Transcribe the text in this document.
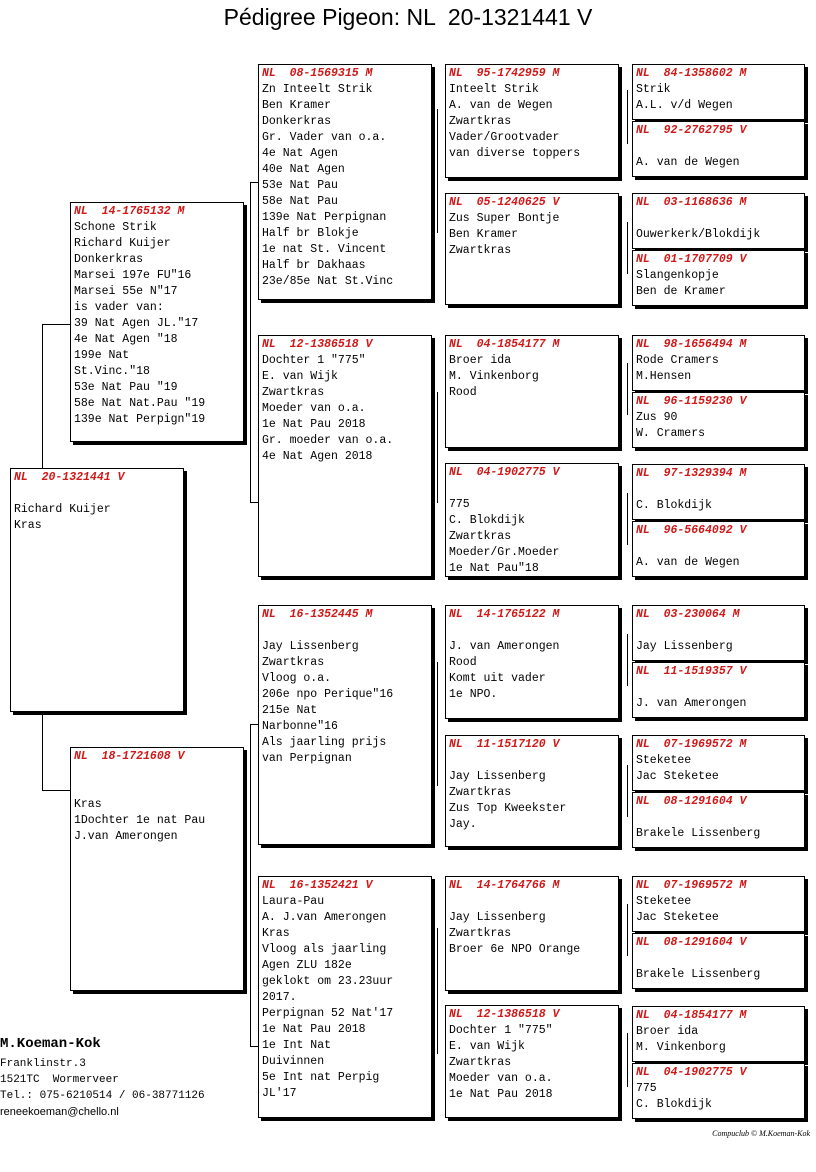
Pédigree Pigeon: NL  20-1321441 V
NL  20-1321441 V
Richard Kuijer
Kras
NL  14-1765132 M
Schone Strik
Richard Kuijer
Donkerkras
Marsei 197e FU"16
Marsei 55e N"17
is vader van:
39 Nat Agen JL."17
4e Nat Agen "18
199e Nat
St.Vinc."18
53e Nat Pau "19
58e Nat Nat.Pau "19
139e Nat Perpign"19
NL  18-1721608 V
Kras
1Dochter 1e nat Pau
J.van Amerongen
NL  08-1569315 M
Zn Inteelt Strik
Ben Kramer
Donkerkras
Gr. Vader van o.a.
4e Nat Agen
40e Nat Agen
53e Nat Pau
58e Nat Pau
139e Nat Perpignan
Half br Blokje
1e nat St. Vincent
Half br Dakhaas
23e/85e Nat St.Vinc
NL  12-1386518 V
Dochter 1 "775"
E. van Wijk
Zwartkras
Moeder van o.a.
1e Nat Pau 2018
Gr. moeder van o.a.
4e Nat Agen 2018
NL  16-1352445 M
Jay Lissenberg
Zwartkras
Vloog o.a.
206e npo Perique"16
215e Nat
Narbonne"16
Als jaarling prijs
van Perpignan
NL  16-1352421 V
Laura-Pau
A. J.van Amerongen
Kras
Vloog als jaarling
Agen ZLU 182e
geklokt om 23.23uur
2017.
Perpignan 52 Nat'17
1e Nat Pau 2018
1e Int Nat
Duivinnen
5e Int nat Perpig
JL'17
NL  95-1742959 M
Inteelt Strik
A. van de Wegen
Zwartkras
Vader/Grootvader
van diverse toppers
NL  05-1240625 V
Zus Super Bontje
Ben Kramer
Zwartkras
NL  04-1854177 M
Broer ida
M. Vinkenborg
Rood
NL  04-1902775 V
775
C. Blokdijk
Zwartkras
Moeder/Gr.Moeder
1e Nat Pau"18
NL  14-1765122 M
J. van Amerongen
Rood
Komt uit vader
1e NPO.
NL  11-1517120 V
Jay Lissenberg
Zwartkras
Zus Top Kweekster
Jay.
NL  14-1764766 M
Jay Lissenberg
Zwartkras
Broer 6e NPO Orange
NL  12-1386518 V
Dochter 1 "775"
E. van Wijk
Zwartkras
Moeder van o.a.
1e Nat Pau 2018
NL  84-1358602 M
Strik
A.L. v/d Wegen
NL  92-2762795 V
A. van de Wegen
NL  03-1168636 M
Ouwerkerk/Blokdijk
NL  01-1707709 V
Slangenkopje
Ben de Kramer
NL  98-1656494 M
Rode Cramers
M.Hensen
NL  96-1159230 V
Zus 90
W. Cramers
NL  97-1329394 M
C. Blokdijk
NL  96-5664092 V
A. van de Wegen
NL  03-230064 M
Jay Lissenberg
NL  11-1519357 V
J. van Amerongen
NL  07-1969572 M
Steketee
Jac Steketee
NL  08-1291604 V
Brakele Lissenberg
NL  07-1969572 M
Steketee
Jac Steketee
NL  08-1291604 V
Brakele Lissenberg
NL  04-1854177 M
Broer ida
M. Vinkenborg
NL  04-1902775 V
775
C. Blokdijk
M.Koeman-Kok
Franklinstr.3
1521TC  Wormerveer
Tel.: 075-6210514 / 06-38771126
reneekoeman@chello.nl
Compuclub © M.Koeman-Kok
